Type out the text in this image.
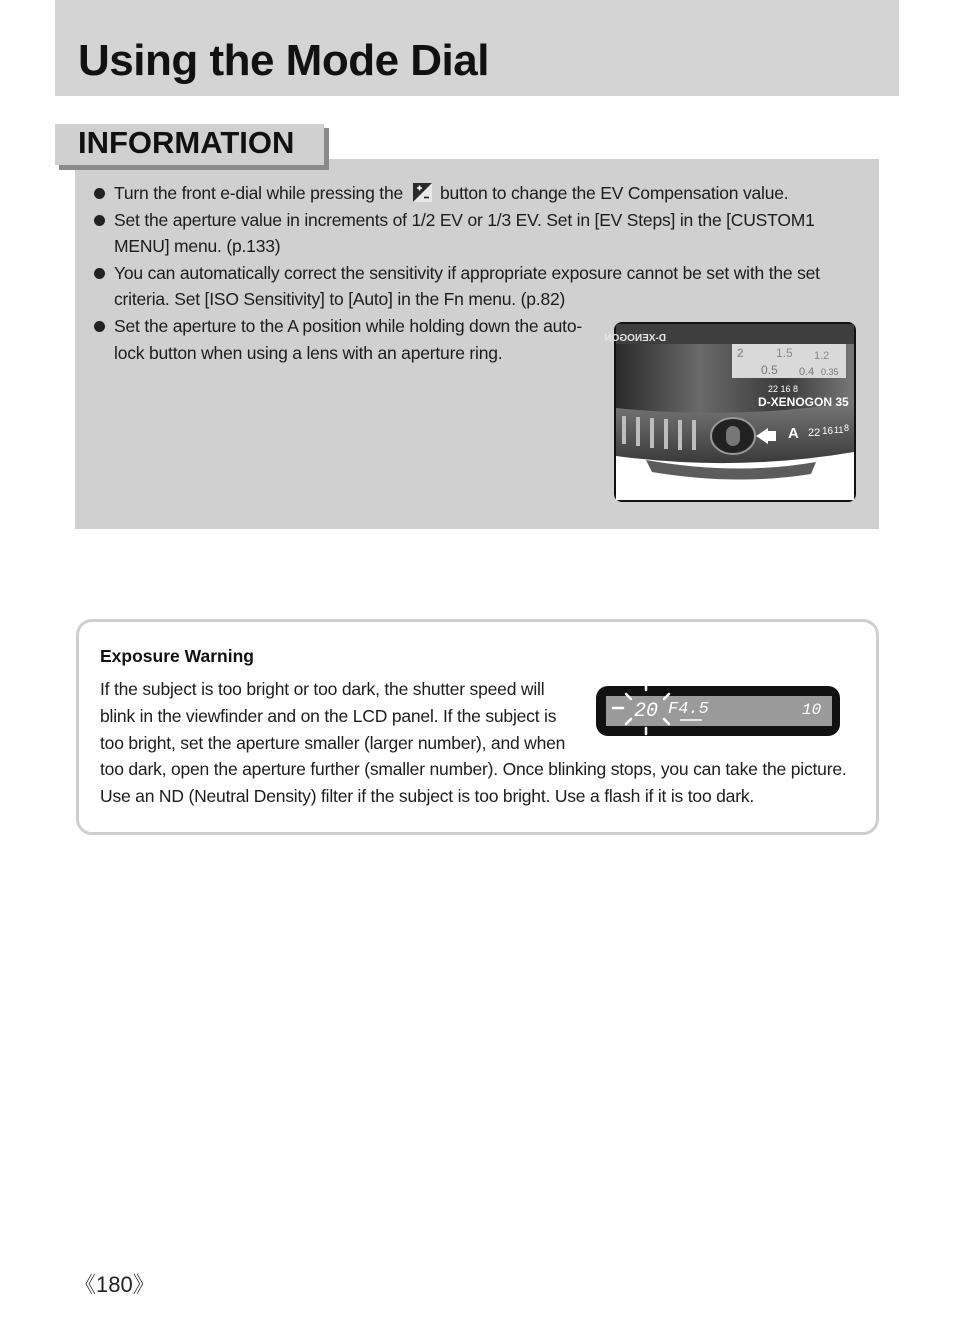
Using the Mode Dial
INFORMATION
Turn the front e-dial while pressing the button to change the EV Compensation value.
Set the aperture value in increments of 1/2 EV or 1/3 EV. Set in [EV Steps] in the [CUSTOM1 MENU] menu. (p.133)
You can automatically correct the sensitivity if appropriate exposure cannot be set with the set criteria. Set [ISO Sensitivity] to [Auto] in the Fn menu. (p.82)
Set the aperture to the A position while holding down the auto-lock button when using a lens with an aperture ring.
D-XENOGON
2	1.5 1.2
0.5 0.4 0.35
22 16 8
D-XENOGON 35
A 22 16 11 8
Exposure Warning

If the subject is too bright or too dark, the shutter speed will blink in the viewfinder and on the LCD panel. If the subject is too bright, set the aperture smaller (larger number), and when too dark, open the aperture further (smaller number). Once blinking stops, you can take the picture. Use an ND (Neutral Density) filter if the subject is too bright. Use a flash if it is too dark.

20 F4.5	10

《180》
